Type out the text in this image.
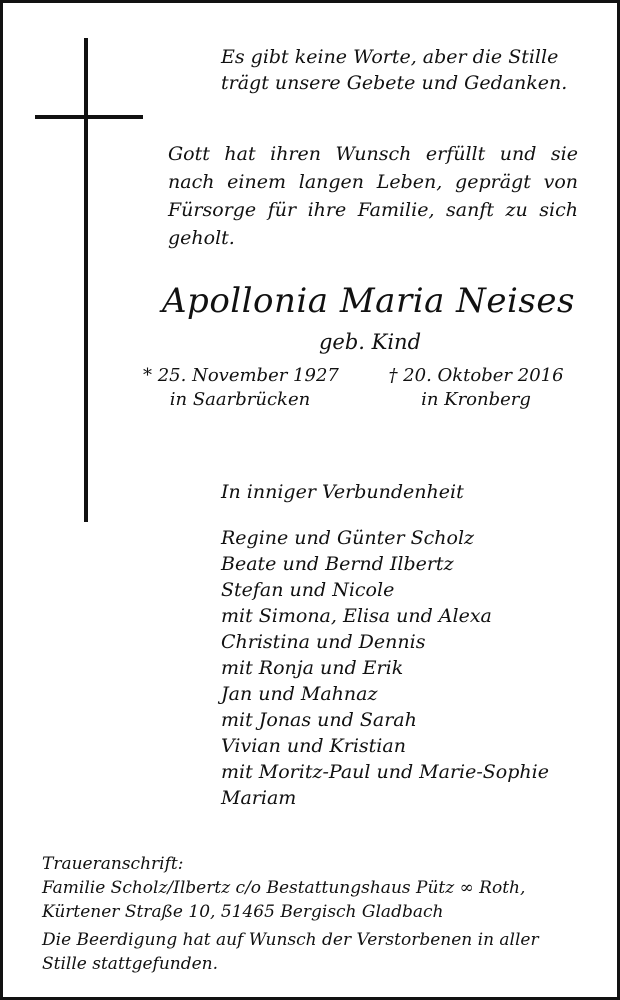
Es gibt keine Worte, aber die Stille
trägt unsere Gebete und Gedanken.
Gott hat ihren Wunsch erfüllt und sie
nach einem langen Leben, geprägt von
Fürsorge für ihre Familie, sanft zu sich
geholt.
Apollonia Maria Neises
geb. Kind
* 25. November 1927
in Saarbrücken
† 20. Oktober 2016
in Kronberg
In inniger Verbundenheit
Regine und Günter Scholz
Beate und Bernd Ilbertz
Stefan und Nicole
mit Simona, Elisa und Alexa
Christina und Dennis
mit Ronja und Erik
Jan und Mahnaz
mit Jonas und Sarah
Vivian und Kristian
mit Moritz-Paul und Marie-Sophie
Mariam
Traueranschrift:
Familie Scholz/Ilbertz c/o Bestattungshaus Pütz ∞ Roth,
Kürtener Straße 10, 51465 Bergisch Gladbach
Die Beerdigung hat auf Wunsch der Verstorbenen in aller
Stille stattgefunden.
